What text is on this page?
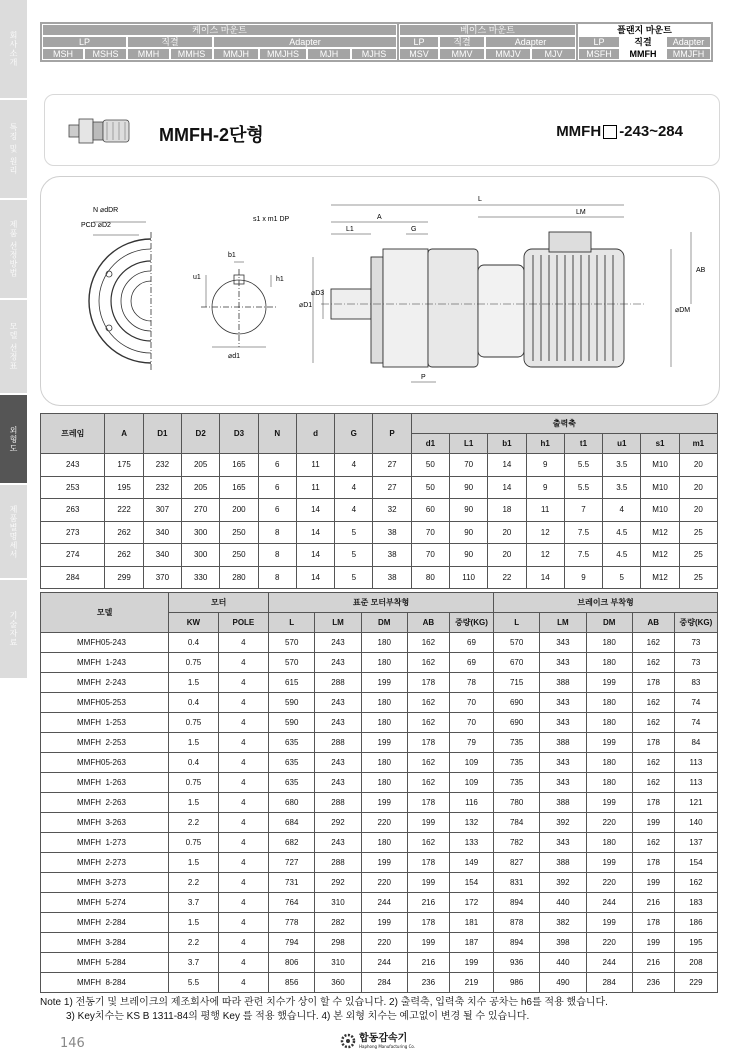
회사소개
특징 및 원리
제품 선정방법
모델 선정표
외형도
제품별명세서
기술자료
케이스 마운트	베이스 마운트	플랜지 마운트
LP	직결	Adapter	LP	직결	Adapter	LP	직결	Adapter
MSH	MSHS	MMH	MMHS	MMJH	MMJHS	MJH	MJHS	MSV	MMV	MMJV	MJV	MSFH	MMFH	MMJFH
MMFH-2단형	MMFH -243~284
N ⌀dDR
PCD ⌀D2
b1
h1
u1
⌀d1
s1 x m1 DP	A
L1	G
L
LM
AB
⌀DM
⌀D1
⌀D3
P
프레임	A	D1	D2	D3	N	d	G	P	출력축							
									d1	L1	b1	h1	t1	u1	s1	m1
243	175	232	205	165	6	11	4	27	50	70	14	9	5.5	3.5	M10	20
253	195	232	205	165	6	11	4	27	50	90	14	9	5.5	3.5	M10	20
263	222	307	270	200	6	14	4	32	60	90	18	11	7	4	M10	20
273	262	340	300	250	8	14	5	38	70	90	20	12	7.5	4.5	M12	25
274	262	340	300	250	8	14	5	38	70	90	20	12	7.5	4.5	M12	25
284	299	370	330	280	8	14	5	38	80	110	22	14	9	5	M12	25
모델	모터		표준 모터부착형					브레이크 부착형				
	KW	POLE	L	LM	DM	AB	중량(KG)	L	LM	DM	AB	중량(KG)
MMFH05-243	0.4	4	570	243	180	162	69	570	343	180	162	73
MMFH  1-243	0.75	4	570	243	180	162	69	670	343	180	162	73
MMFH  2-243	1.5	4	615	288	199	178	78	715	388	199	178	83
MMFH05-253	0.4	4	590	243	180	162	70	690	343	180	162	74
MMFH  1-253	0.75	4	590	243	180	162	70	690	343	180	162	74
MMFH  2-253	1.5	4	635	288	199	178	79	735	388	199	178	84
MMFH05-263	0.4	4	635	243	180	162	109	735	343	180	162	113
MMFH  1-263	0.75	4	635	243	180	162	109	735	343	180	162	113
MMFH  2-263	1.5	4	680	288	199	178	116	780	388	199	178	121
MMFH  3-263	2.2	4	684	292	220	199	132	784	392	220	199	140
MMFH  1-273	0.75	4	682	243	180	162	133	782	343	180	162	137
MMFH  2-273	1.5	4	727	288	199	178	149	827	388	199	178	154
MMFH  3-273	2.2	4	731	292	220	199	154	831	392	220	199	162
MMFH  5-274	3.7	4	764	310	244	216	172	894	440	244	216	183
MMFH  2-284	1.5	4	778	282	199	178	181	878	382	199	178	186
MMFH  3-284	2.2	4	794	298	220	199	187	894	398	220	199	195
MMFH  5-284	3.7	4	806	310	244	216	199	936	440	244	216	208
MMFH  8-284	5.5	4	856	360	284	236	219	986	490	284	236	229
Note 1) 전동기 및 브레이크의 제조회사에 따라 관련 치수가 상이 할 수 있습니다. 2) 출력축, 입력축 치수 공차는 h6를 적용 했습니다.
3) Key치수는 KS B 1311-84의 평행 Key 를 적용 했습니다. 4) 본 외형 치수는 예고없이 변경 될 수 있습니다.
146	합동감속기
Haphong Manufacturing Co.
